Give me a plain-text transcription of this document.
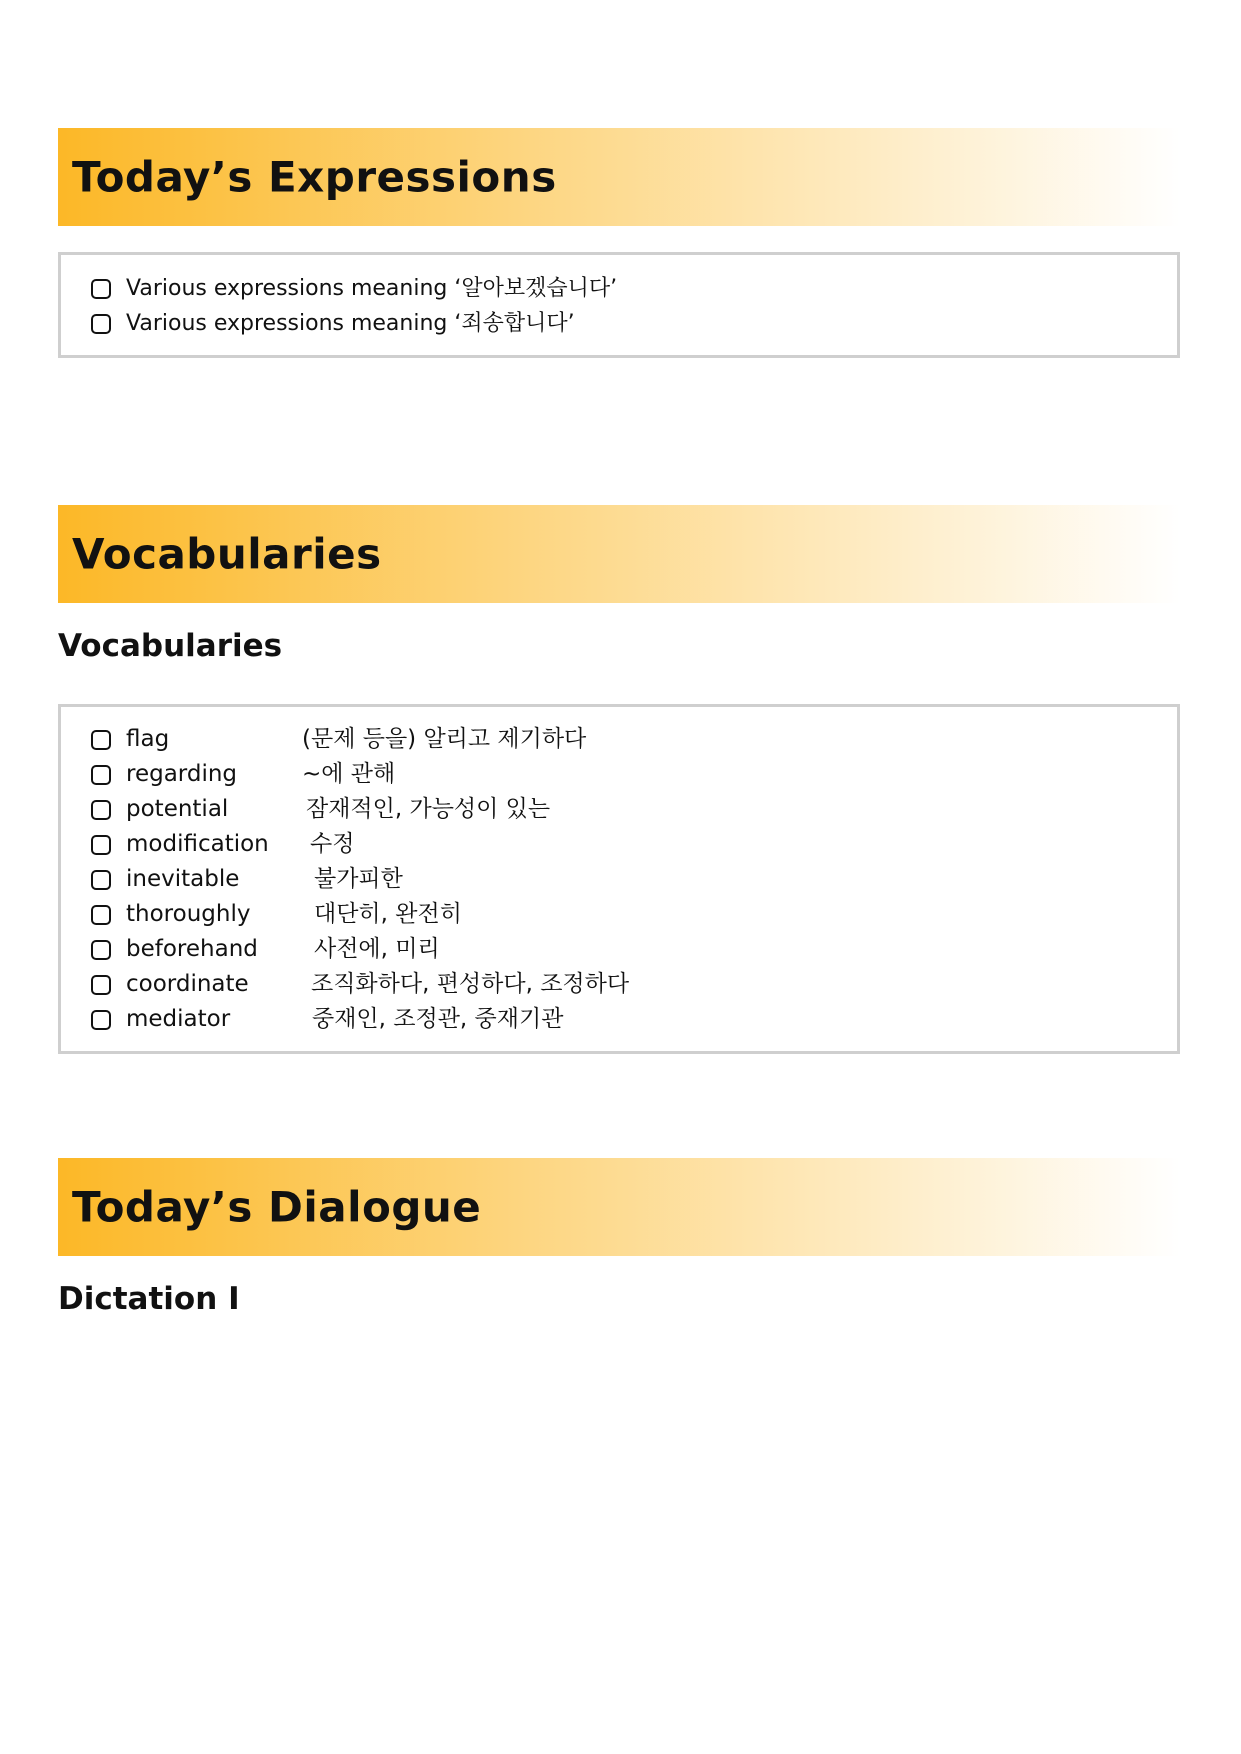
Today’s Expressions
Various expressions meaning ‘알아보겠습니다’
Various expressions meaning ‘죄송합니다’
Vocabularies
Vocabularies
flag	(문제 등을) 알리고 제기하다
regarding	~에 관해
potential	잠재적인, 가능성이 있는
modification	수정
inevitable	불가피한
thoroughly	대단히, 완전히
beforehand	사전에, 미리
coordinate	조직화하다, 편성하다, 조정하다
mediator	중재인, 조정관, 중재기관
Today’s Dialogue
Dictation I
